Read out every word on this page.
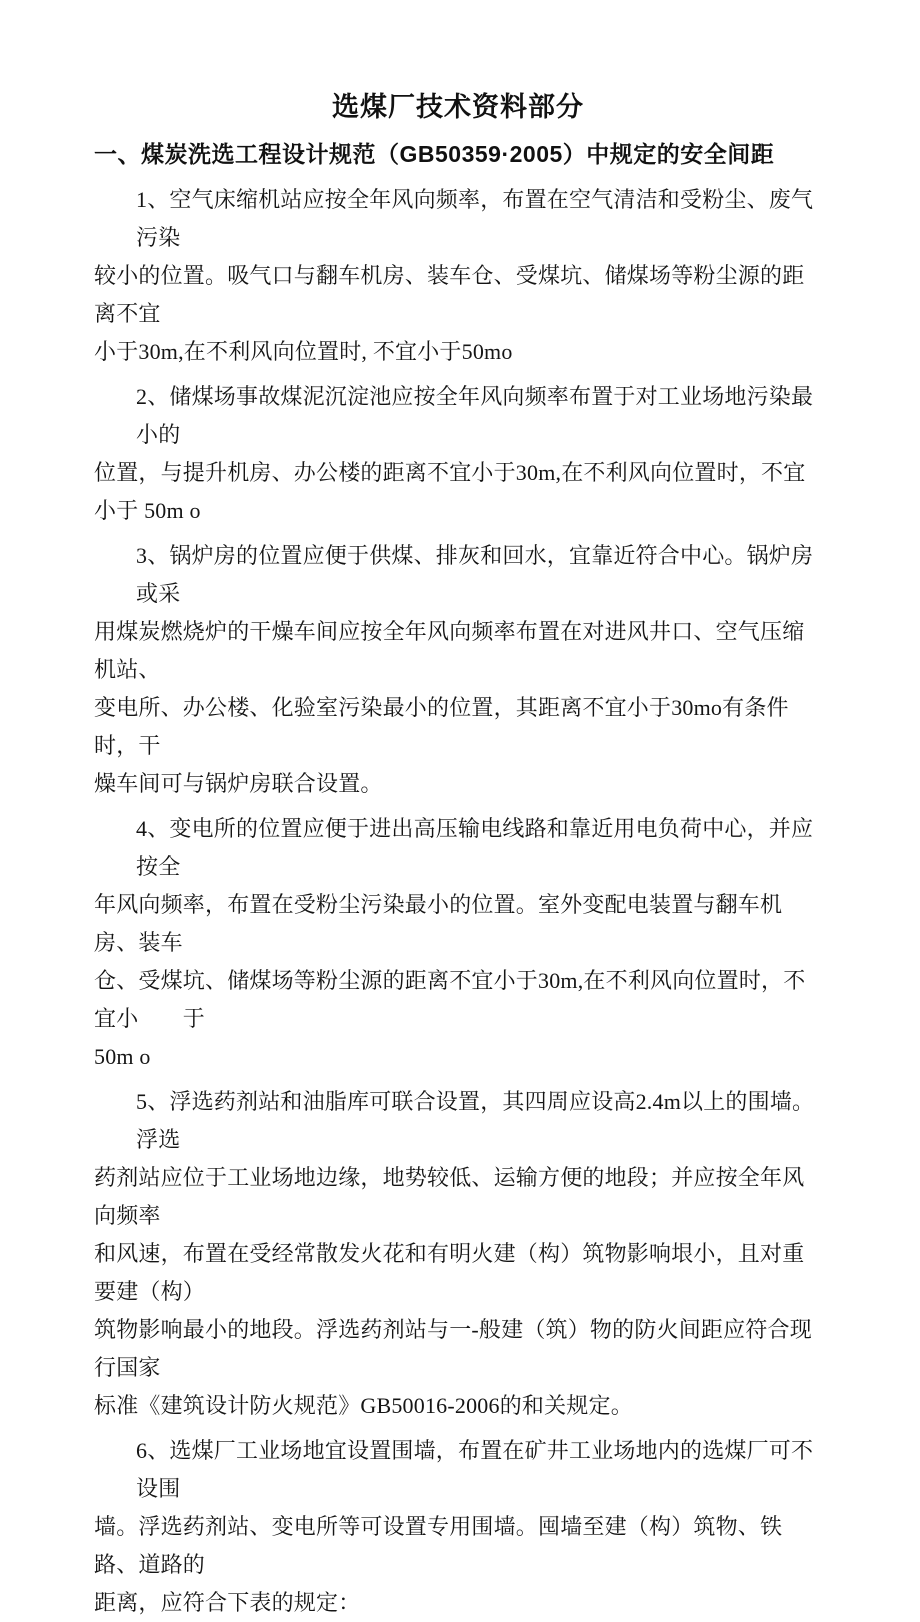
选煤厂技术资料部分
一、煤炭洗选工程设计规范（GB50359·2005）中规定的安全间距
1、空气床缩机站应按全年风向频率，布置在空气清洁和受粉尘、废气污染
较小的位置。吸气口与翻车机房、装车仓、受煤坑、储煤场等粉尘源的距离不宜
小于30m,在不利风向位置时, 不宜小于50mo
2、储煤场事故煤泥沉淀池应按全年风向频率布置于对工业场地污染最小的
位置，与提升机房、办公楼的距离不宜小于30m,在不利风向位置时，不宜小于 50m o
3、锅炉房的位置应便于供煤、排灰和回水，宜靠近符合中心。锅炉房或采
用煤炭燃烧炉的干燥车间应按全年风向频率布置在对进风井口、空气压缩机站、
变电所、办公楼、化验室污染最小的位置，其距离不宜小于30mo有条件时，干
燥车间可与锅炉房联合设置。
4、变电所的位置应便于进出高压输电线路和靠近用电负荷中心，并应按全
年风向频率，布置在受粉尘污染最小的位置。室外变配电装置与翻车机房、装车
仓、受煤坑、储煤场等粉尘源的距离不宜小于30m,在不利风向位置时，不宜小　　于
50m o
5、浮选药剂站和油脂库可联合设置，其四周应设高2.4m以上的围墙。浮选
药剂站应位于工业场地边缘，地势较低、运输方便的地段；并应按全年风向频率
和风速，布置在受经常散发火花和有明火建（构）筑物影响垠小，且对重要建（构）
筑物影响最小的地段。浮选药剂站与一-般建（筑）物的防火间距应符合现行国家
标准《建筑设计防火规范》GB50016-2006的和关规定。
6、选煤厂工业场地宜设置围墙，布置在矿井工业场地内的选煤厂可不设围
墙。浮选药剂站、变电所等可设置专用围墙。囤墙至建（构）筑物、铁路、道路的
距离，应符合下表的规定：
